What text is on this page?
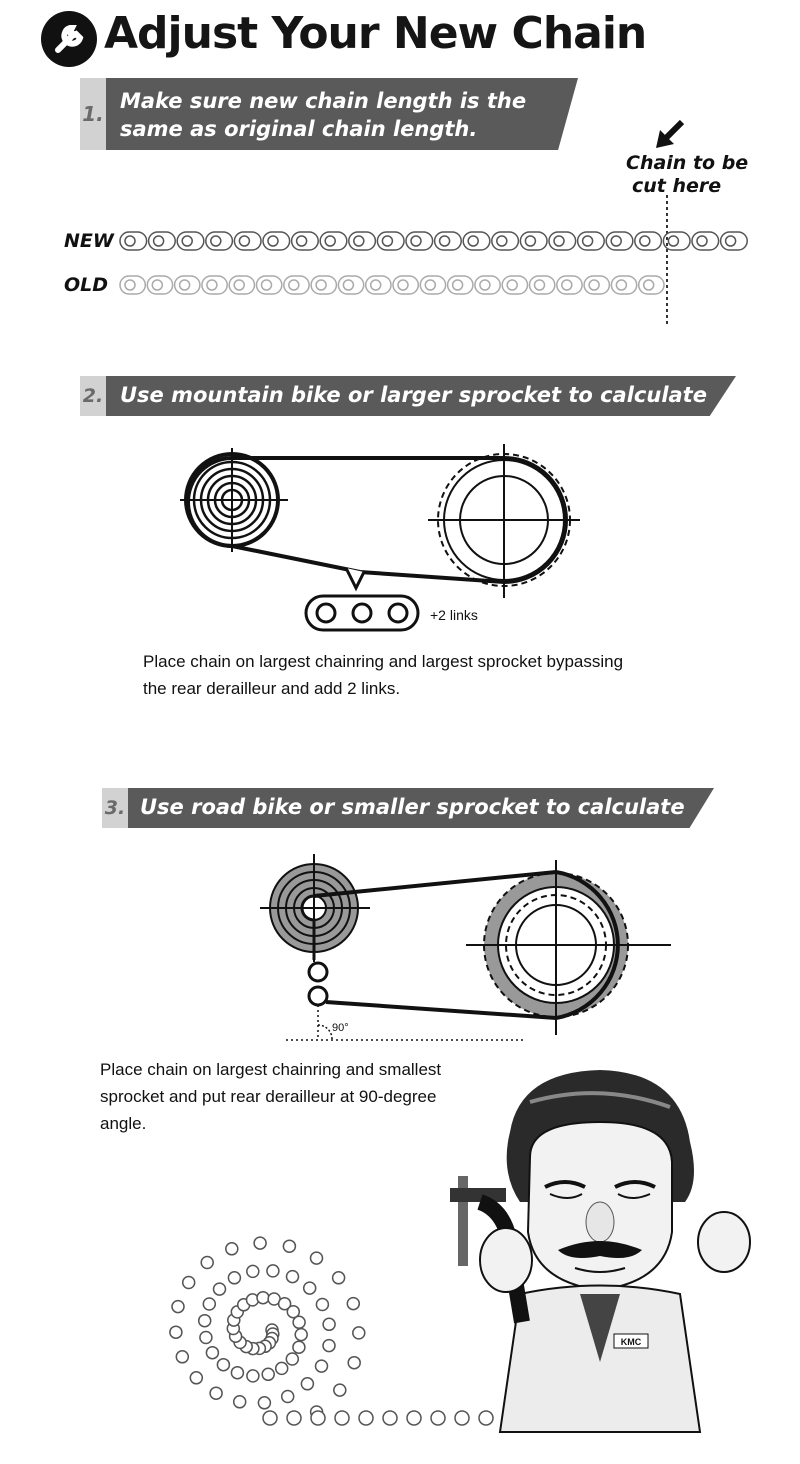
Adjust Your New Chain
1.
Make sure new chain length is the
same as original chain length.
Chain to be
cut here
NEW
OLD
2. Use mountain bike or larger sprocket to calculate
+2 links
Place chain on largest chainring and largest sprocket bypassing
the rear derailleur and add 2 links.
3. Use road bike or smaller sprocket to calculate
90°
Place chain on largest chainring and smallest
sprocket and put rear derailleur at 90-degree
angle.
KMC
